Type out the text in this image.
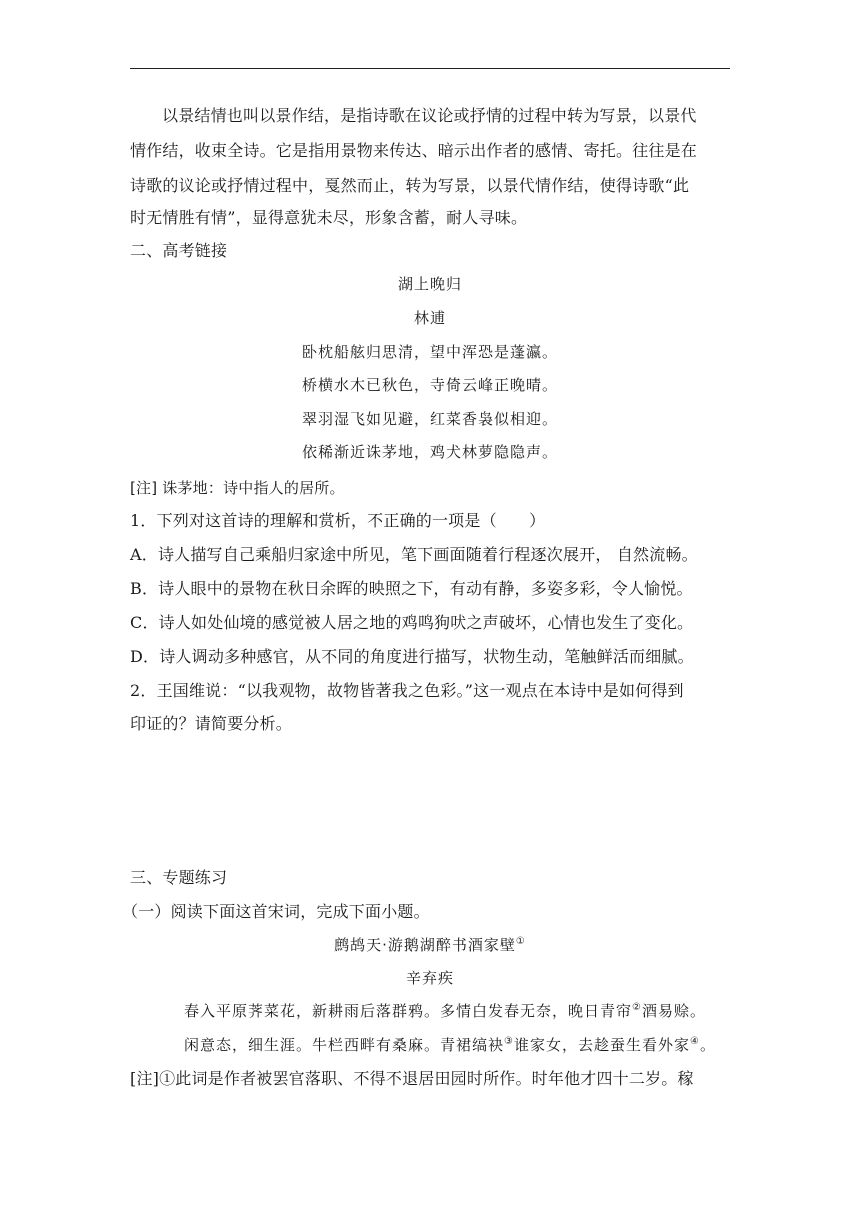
以景结情也叫以景作结，是指诗歌在议论或抒情的过程中转为写景，以景代
情作结，收束全诗。它是指用景物来传达、暗示出作者的感情、寄托。往往是在
诗歌的议论或抒情过程中，戛然而止，转为写景，以景代情作结，使得诗歌“此
时无情胜有情”，显得意犹未尽，形象含蓄，耐人寻味。
二、高考链接
湖上晚归
林逋
卧枕船舷归思清，望中浑恐是蓬瀛。
桥横水木已秋色，寺倚云峰正晚晴。
翠羽湿飞如见避，红菜香袅似相迎。
依稀渐近诛茅地，鸡犬林萝隐隐声。
[注] 诛茅地：诗中指人的居所。
1．下列对这首诗的理解和赏析，不正确的一项是（　　）
A．诗人描写自己乘船归家途中所见，笔下画面随着行程逐次展开， 自然流畅。
B．诗人眼中的景物在秋日余晖的映照之下，有动有静，多姿多彩，令人愉悦。
C．诗人如处仙境的感觉被人居之地的鸡鸣狗吠之声破坏，心情也发生了变化。
D．诗人调动多种感官，从不同的角度进行描写，状物生动，笔触鲜活而细腻。
2．王国维说：“以我观物，故物皆著我之色彩。”这一观点在本诗中是如何得到
印证的？请简要分析。
三、专题练习
（一）阅读下面这首宋词，完成下面小题。
鹧鸪天·游鹅湖醉书酒家壁①
辛弃疾
春入平原荠菜花，新耕雨后落群鸦。多情白发春无奈，晚日青帘②酒易赊。
闲意态，细生涯。牛栏西畔有桑麻。青裙缟袂③谁家女，去趁蚕生看外家④。
[注]①此词是作者被罢官落职、不得不退居田园时所作。时年他才四十二岁。稼
